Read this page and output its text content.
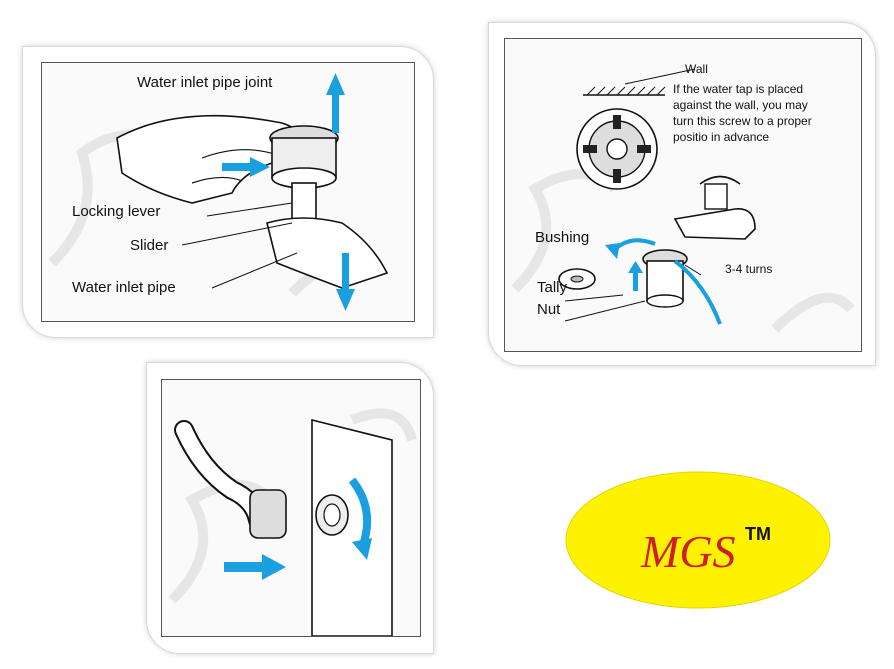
Water inlet pipe joint
Locking lever
Slider
Water inlet pipe
Wall
If the water tap is placed
against the wall, you may
turn this screw to a proper
positio in advance
Bushing
Tally
Nut
3-4 turns
MGS TM
